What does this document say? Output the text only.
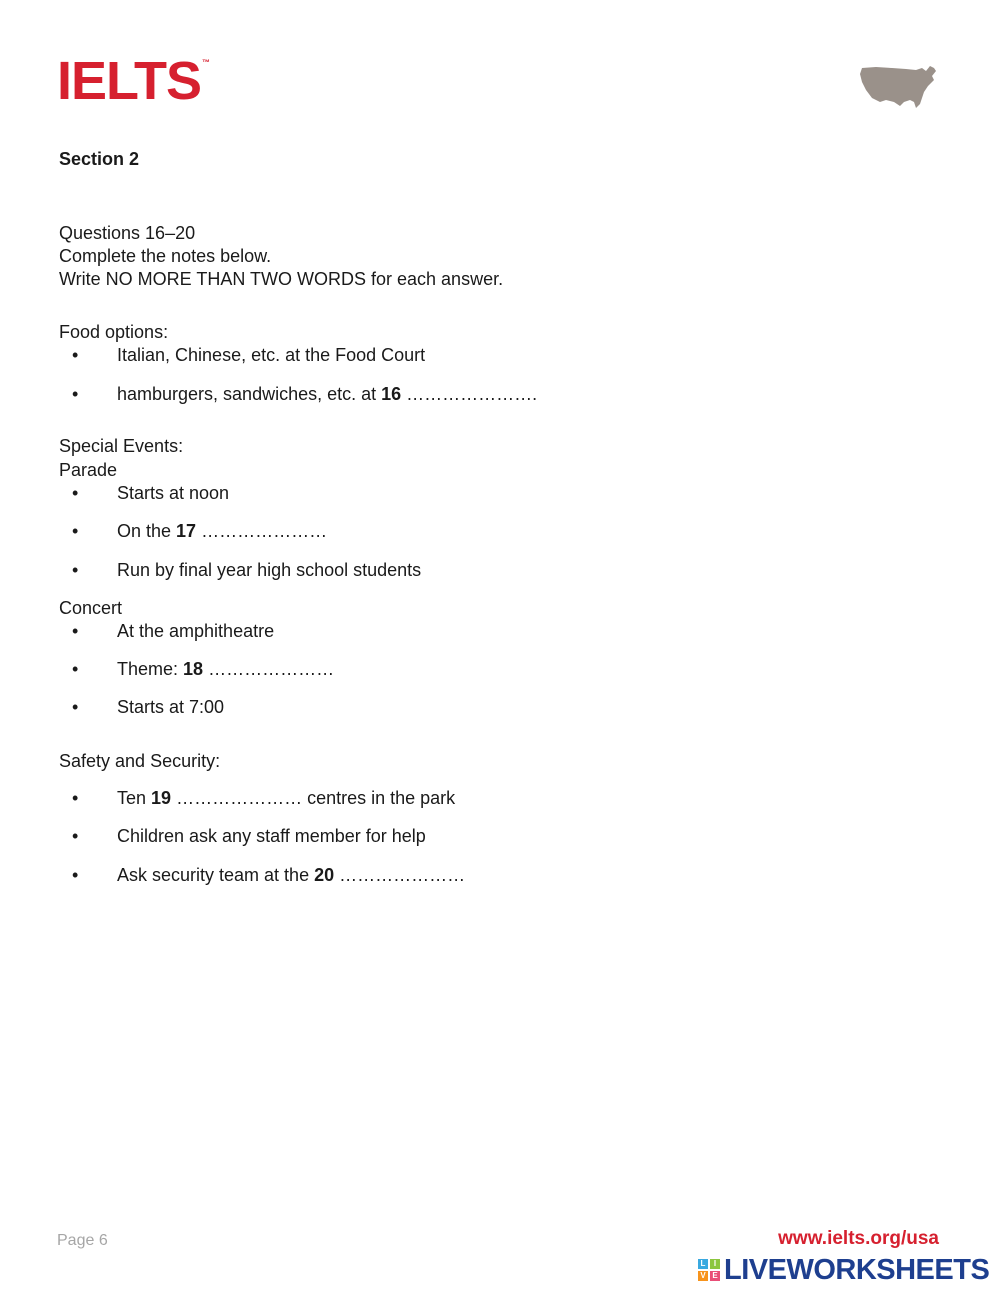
IELTS ™
Section 2
Questions 16–20
Complete the notes below.
Write NO MORE THAN TWO WORDS for each answer.
Food options:
• Italian, Chinese, etc. at the Food Court
• hamburgers, sandwiches, etc. at 16 ………………….
Special Events:
Parade
• Starts at noon
• On the 17 …………………
• Run by final year high school students
Concert
• At the amphitheatre
• Theme: 18 …………………
• Starts at 7:00
Safety and Security:
• Ten 19 ………………… centres in the park
• Children ask any staff member for help
• Ask security team at the 20 …………………
Page 6	www.ielts.org/usa
L	I
V E LIVEWORKSHEETS
